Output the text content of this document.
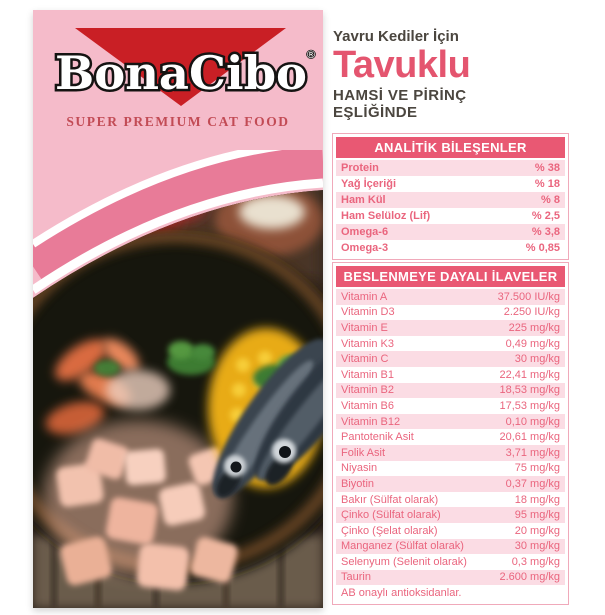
BonaCibo
®
SUPER PREMIUM CAT FOOD

Yavru Kediler İçin

Tavuklu

HAMSİ VE PİRİNÇ

EŞLİĞİNDE

ANALİTİK BİLEŞENLER
Protein	% 38
Yağ İçeriği	% 18
Ham Kül	% 8
Ham Selüloz (Lif)	% 2,5
Omega-6	% 3,8
Omega-3	% 0,85
BESLENMEYE DAYALI İLAVELER
Vitamin A	37.500 IU/kg
Vitamin D3	2.250 IU/kg
Vitamin E	225 mg/kg
Vitamin K3	0,49 mg/kg
Vitamin C	30 mg/kg
Vitamin B1	22,41 mg/kg
Vitamin B2	18,53 mg/kg
Vitamin B6	17,53 mg/kg
Vitamin B12	0,10 mg/kg
Pantotenik Asit	20,61 mg/kg
Folik Asit	3,71 mg/kg
Niyasin	75 mg/kg
Biyotin	0,37 mg/kg
Bakır (Sülfat olarak)	18 mg/kg
Çinko (Sülfat olarak)	95 mg/kg
Çinko (Şelat olarak)	20 mg/kg
Manganez (Sülfat olarak)	30 mg/kg
Selenyum (Selenit olarak)	0,3 mg/kg
Taurin	2.600 mg/kg
AB onaylı antioksidanlar.
